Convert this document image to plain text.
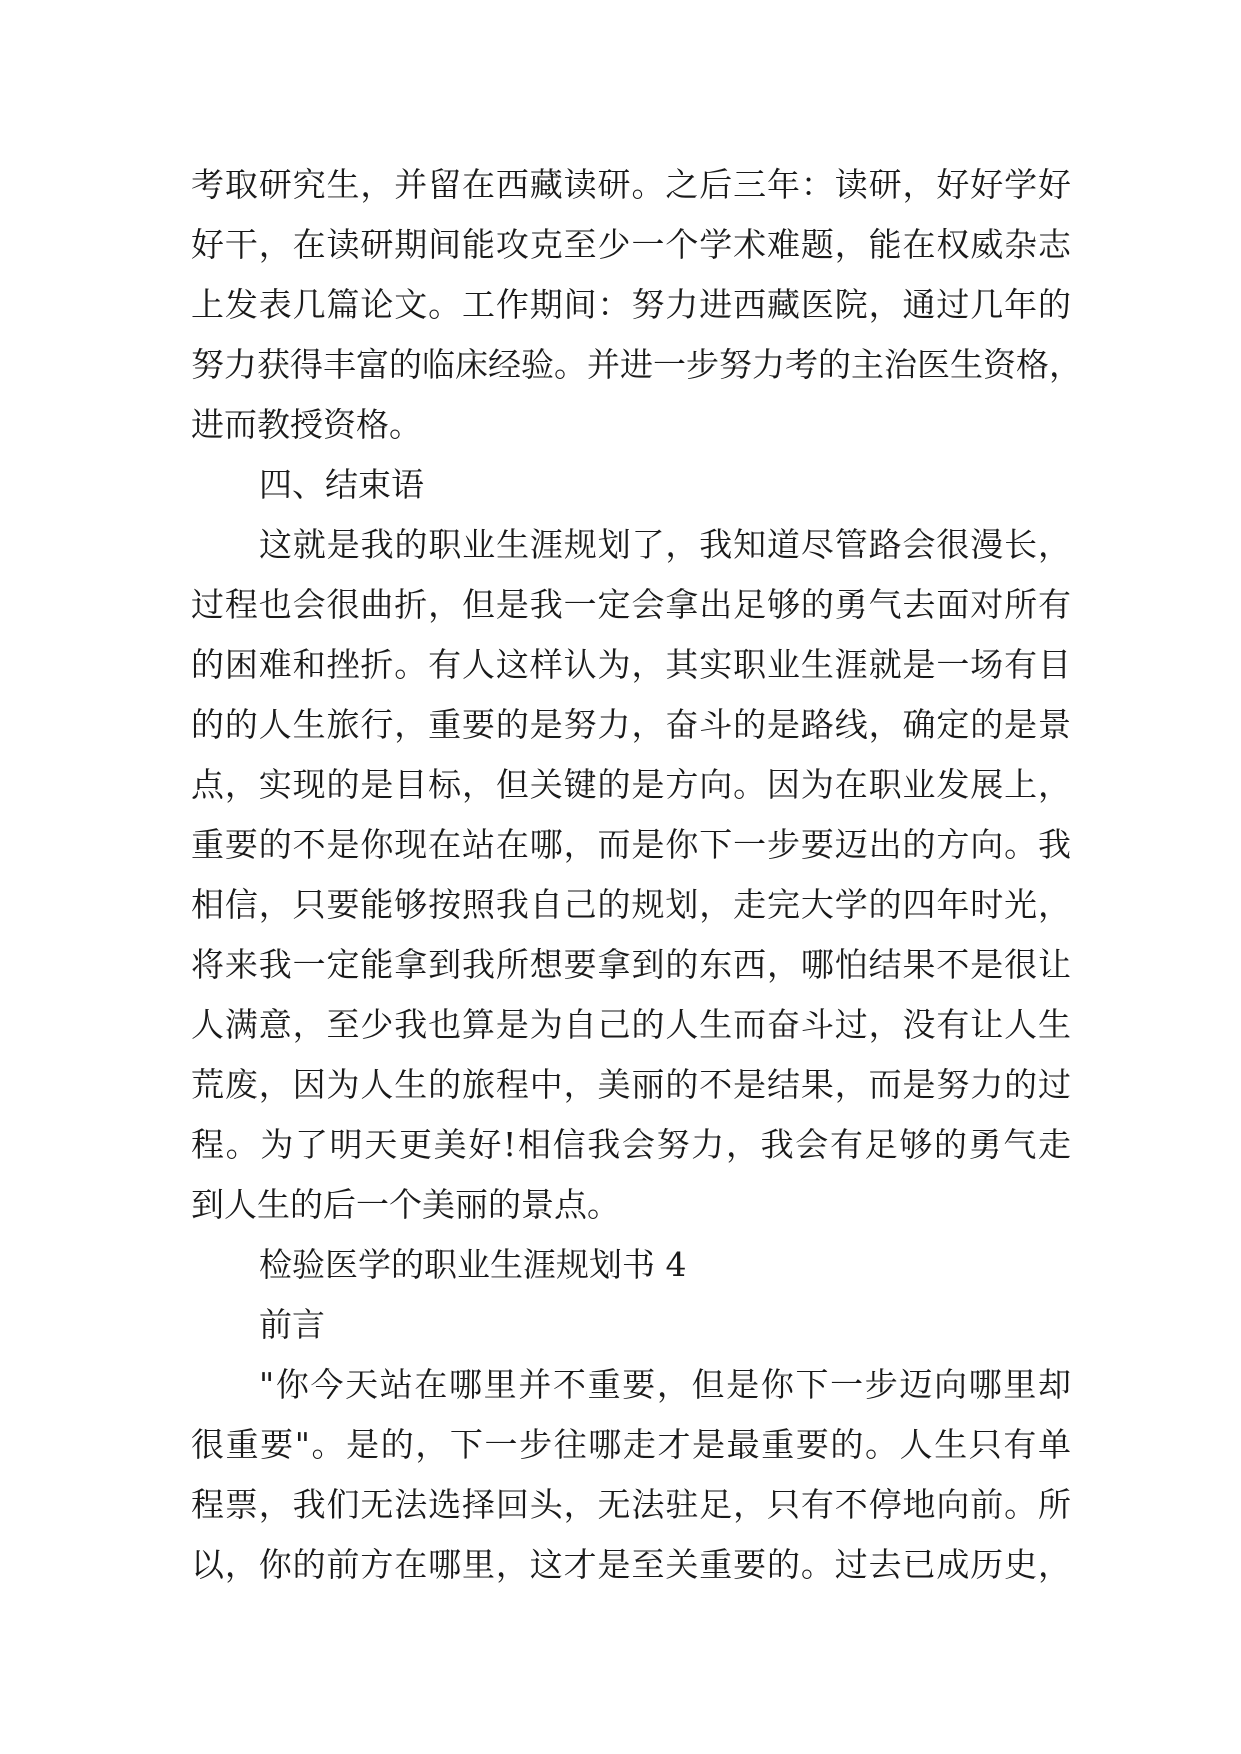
考取研究生，并留在西藏读研。之后三年：读研，好好学好
好干，在读研期间能攻克至少一个学术难题，能在权威杂志
上发表几篇论文。工作期间：努力进西藏医院，通过几年的
努力获得丰富的临床经验。并进一步努力考的主治医生资格，
进而教授资格。
四、结束语
这就是我的职业生涯规划了，我知道尽管路会很漫长，
过程也会很曲折，但是我一定会拿出足够的勇气去面对所有
的困难和挫折。有人这样认为，其实职业生涯就是一场有目
的的人生旅行，重要的是努力，奋斗的是路线，确定的是景
点，实现的是目标，但关键的是方向。因为在职业发展上，
重要的不是你现在站在哪，而是你下一步要迈出的方向。我
相信，只要能够按照我自己的规划，走完大学的四年时光，
将来我一定能拿到我所想要拿到的东西，哪怕结果不是很让
人满意，至少我也算是为自己的人生而奋斗过，没有让人生
荒废，因为人生的旅程中，美丽的不是结果，而是努力的过
程。为了明天更美好!相信我会努力，我会有足够的勇气走
到人生的后一个美丽的景点。
检验医学的职业生涯规划书 4
前言
"你今天站在哪里并不重要，但是你下一步迈向哪里却
很重要"。是的，下一步往哪走才是最重要的。人生只有单
程票，我们无法选择回头，无法驻足，只有不停地向前。所
以，你的前方在哪里，这才是至关重要的。过去已成历史，
